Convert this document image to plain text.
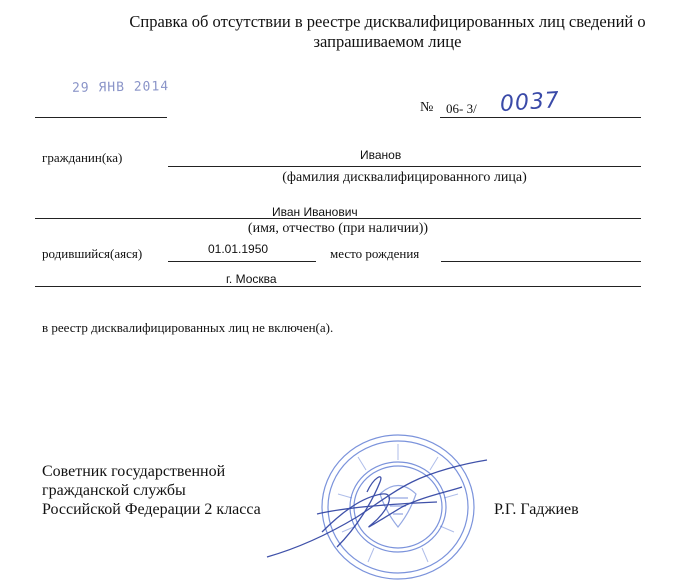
Справка об отсутствии в реестре дисквалифицированных лиц сведений о запрашиваемом лице
29 ЯНВ 2014
№ 06- 3/ 0037
гражданин(ка)	Иванов
(фамилия дисквалифицированного лица)
Иван Иванович
(имя, отчество (при наличии))
родившийся(аяся)	01.01.1950	место рождения
г. Москва
в реестр дисквалифицированных лиц не включен(а).
Советник государственной
гражданской службы
Российской Федерации 2 класса	Р.Г. Гаджиев
